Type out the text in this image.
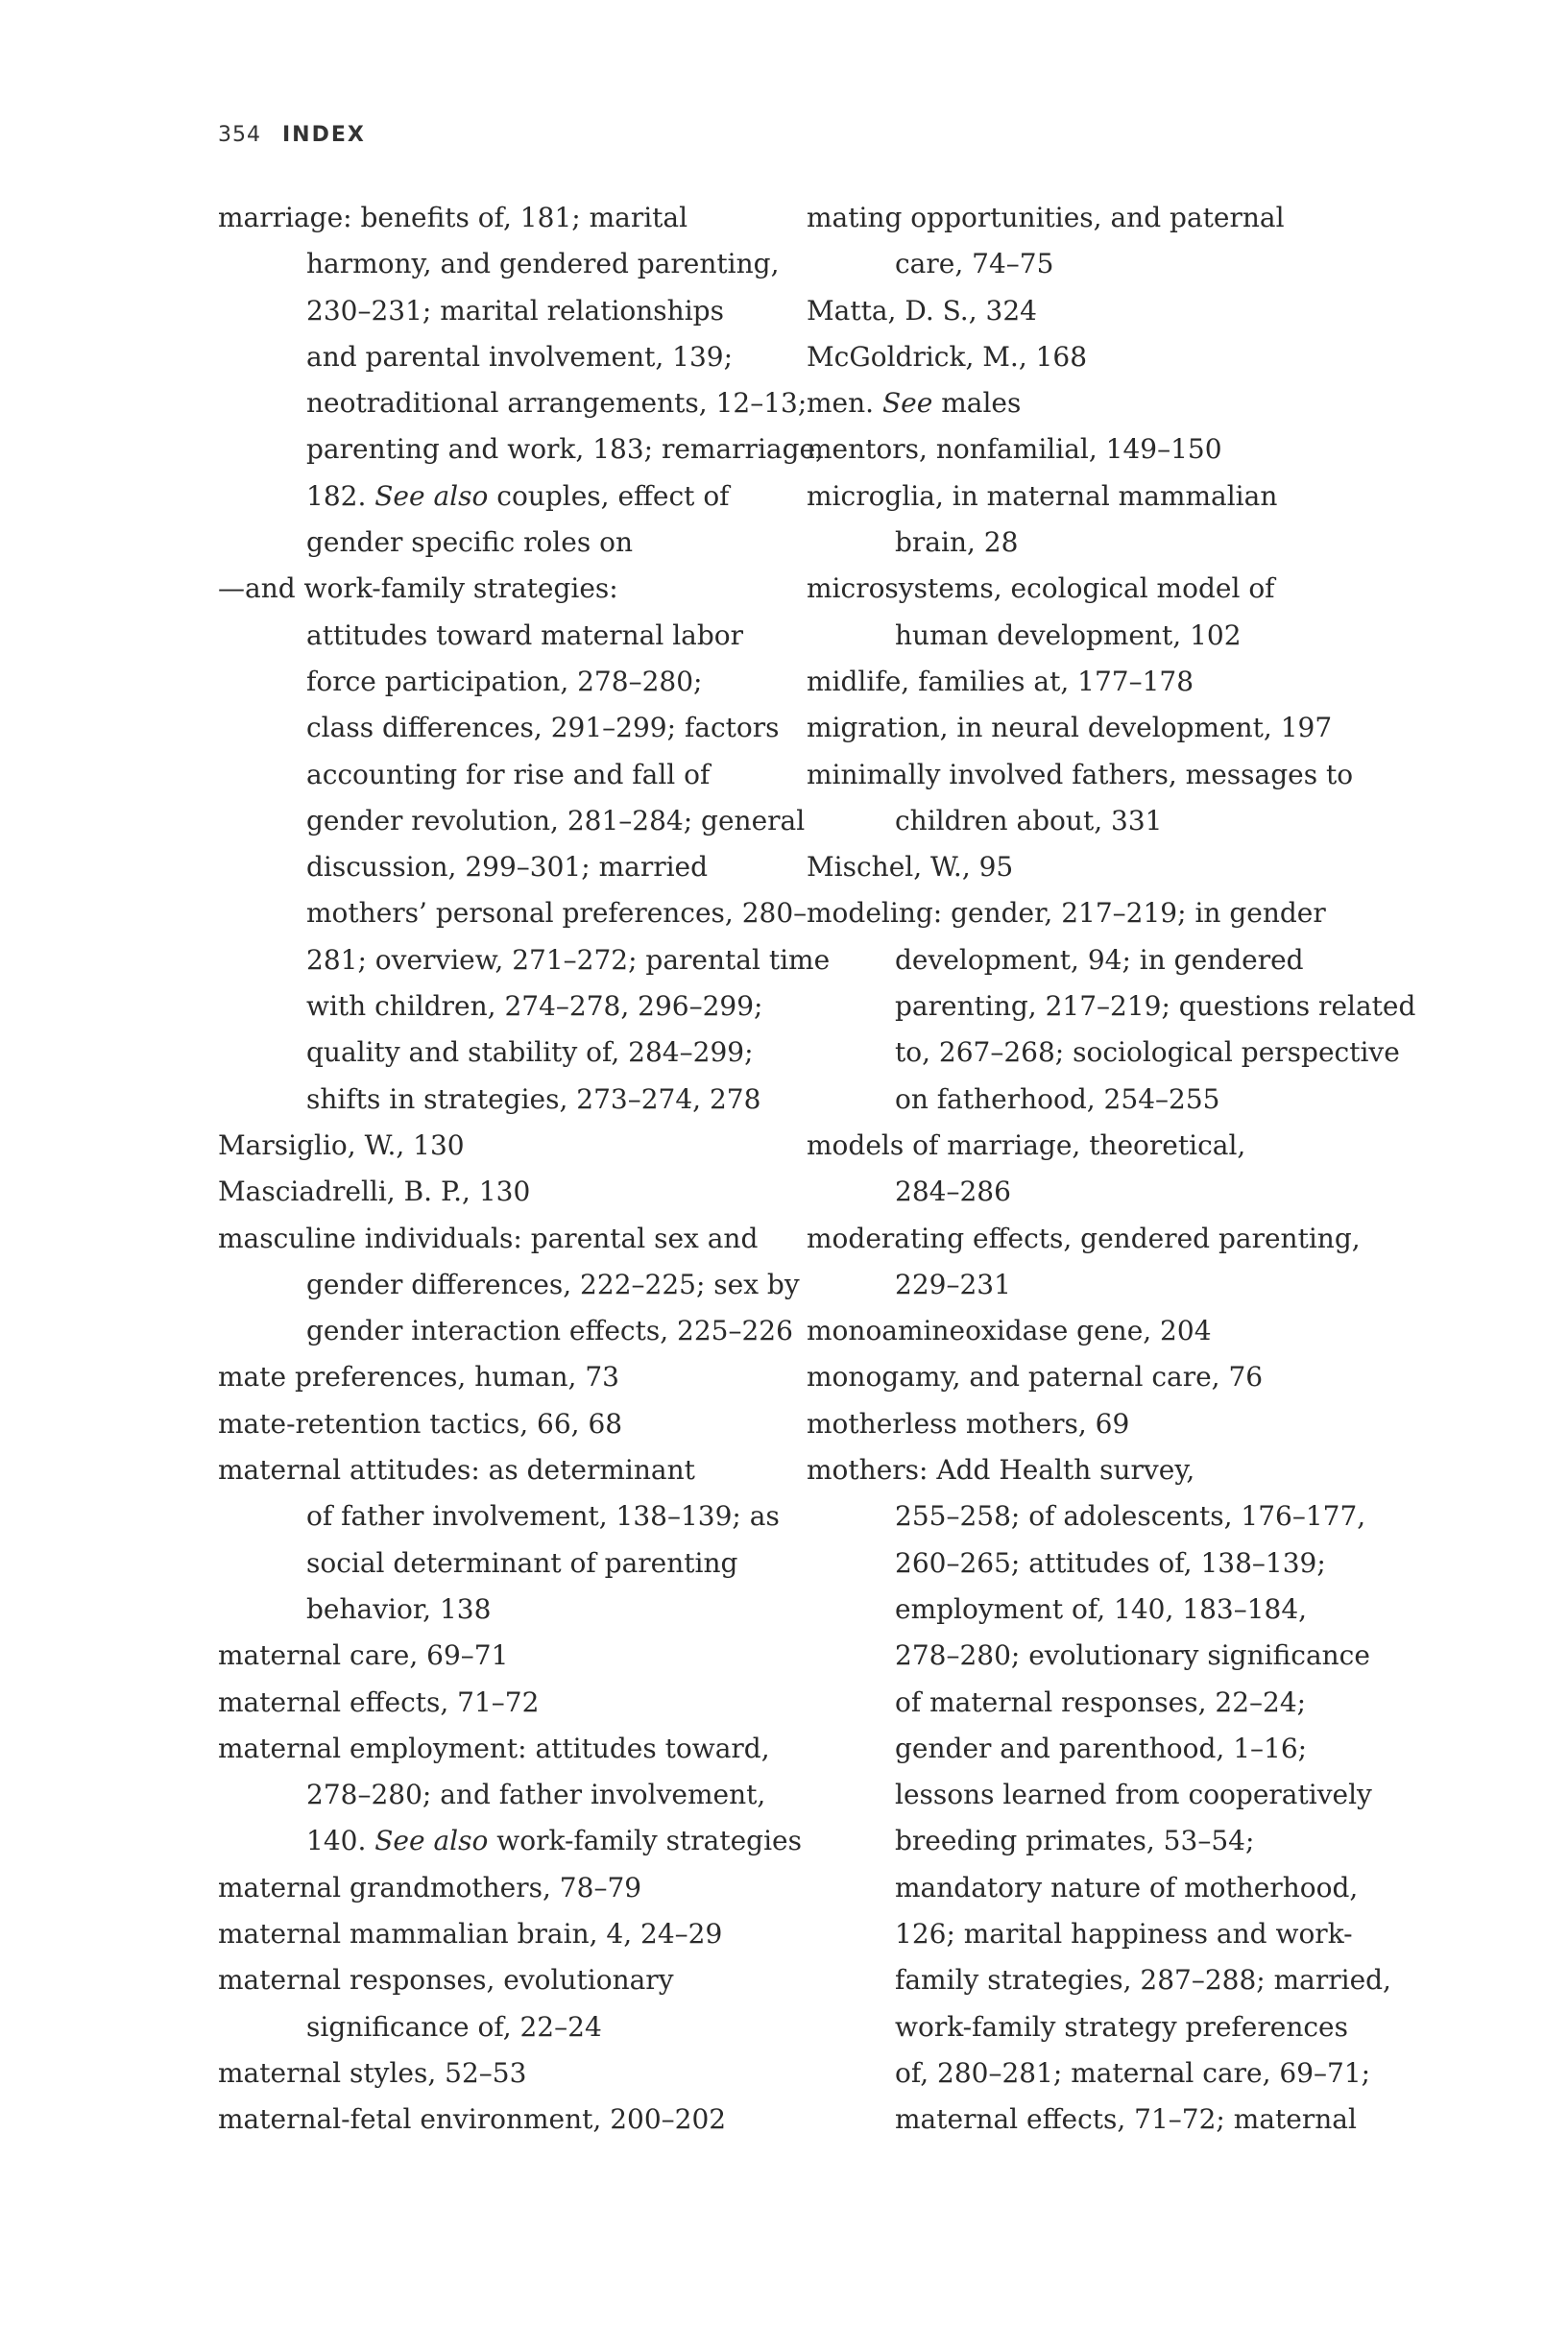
354 INDEX
marriage: benefits of, 181; marital
harmony, and gendered parenting,
230–231; marital relationships
and parental involvement, 139;
neotraditional arrangements, 12–13;
parenting and work, 183; remarriage,
182. See also couples, effect of
gender specific roles on
—and work-family strategies:
attitudes toward maternal labor
force participation, 278–280;
class differences, 291–299; factors
accounting for rise and fall of
gender revolution, 281–284; general
discussion, 299–301; married
mothers’ personal preferences, 280–
281; overview, 271–272; parental time
with children, 274–278, 296–299;
quality and stability of, 284–299;
shifts in strategies, 273–274, 278
Marsiglio, W., 130
Masciadrelli, B. P., 130
masculine individuals: parental sex and
gender differences, 222–225; sex by
gender interaction effects, 225–226
mate preferences, human, 73
mate-retention tactics, 66, 68
maternal attitudes: as determinant
of father involvement, 138–139; as
social determinant of parenting
behavior, 138
maternal care, 69–71
maternal effects, 71–72
maternal employment: attitudes toward,
278–280; and father involvement,
140. See also work-family strategies
maternal grandmothers, 78–79
maternal mammalian brain, 4, 24–29
maternal responses, evolutionary
significance of, 22–24
maternal styles, 52–53
maternal-fetal environment, 200–202
mating opportunities, and paternal
care, 74–75
Matta, D. S., 324
McGoldrick, M., 168
men. See males
mentors, nonfamilial, 149–150
microglia, in maternal mammalian
brain, 28
microsystems, ecological model of
human development, 102
midlife, families at, 177–178
migration, in neural development, 197
minimally involved fathers, messages to
children about, 331
Mischel, W., 95
modeling: gender, 217–219; in gender
development, 94; in gendered
parenting, 217–219; questions related
to, 267–268; sociological perspective
on fatherhood, 254–255
models of marriage, theoretical,
284–286
moderating effects, gendered parenting,
229–231
monoamineoxidase gene, 204
monogamy, and paternal care, 76
motherless mothers, 69
mothers: Add Health survey,
255–258; of adolescents, 176–177,
260–265; attitudes of, 138–139;
employment of, 140, 183–184,
278–280; evolutionary significance
of maternal responses, 22–24;
gender and parenthood, 1–16;
lessons learned from cooperatively
breeding primates, 53–54;
mandatory nature of motherhood,
126; marital happiness and work-
family strategies, 287–288; married,
work-family strategy preferences
of, 280–281; maternal care, 69–71;
maternal effects, 71–72; maternal
